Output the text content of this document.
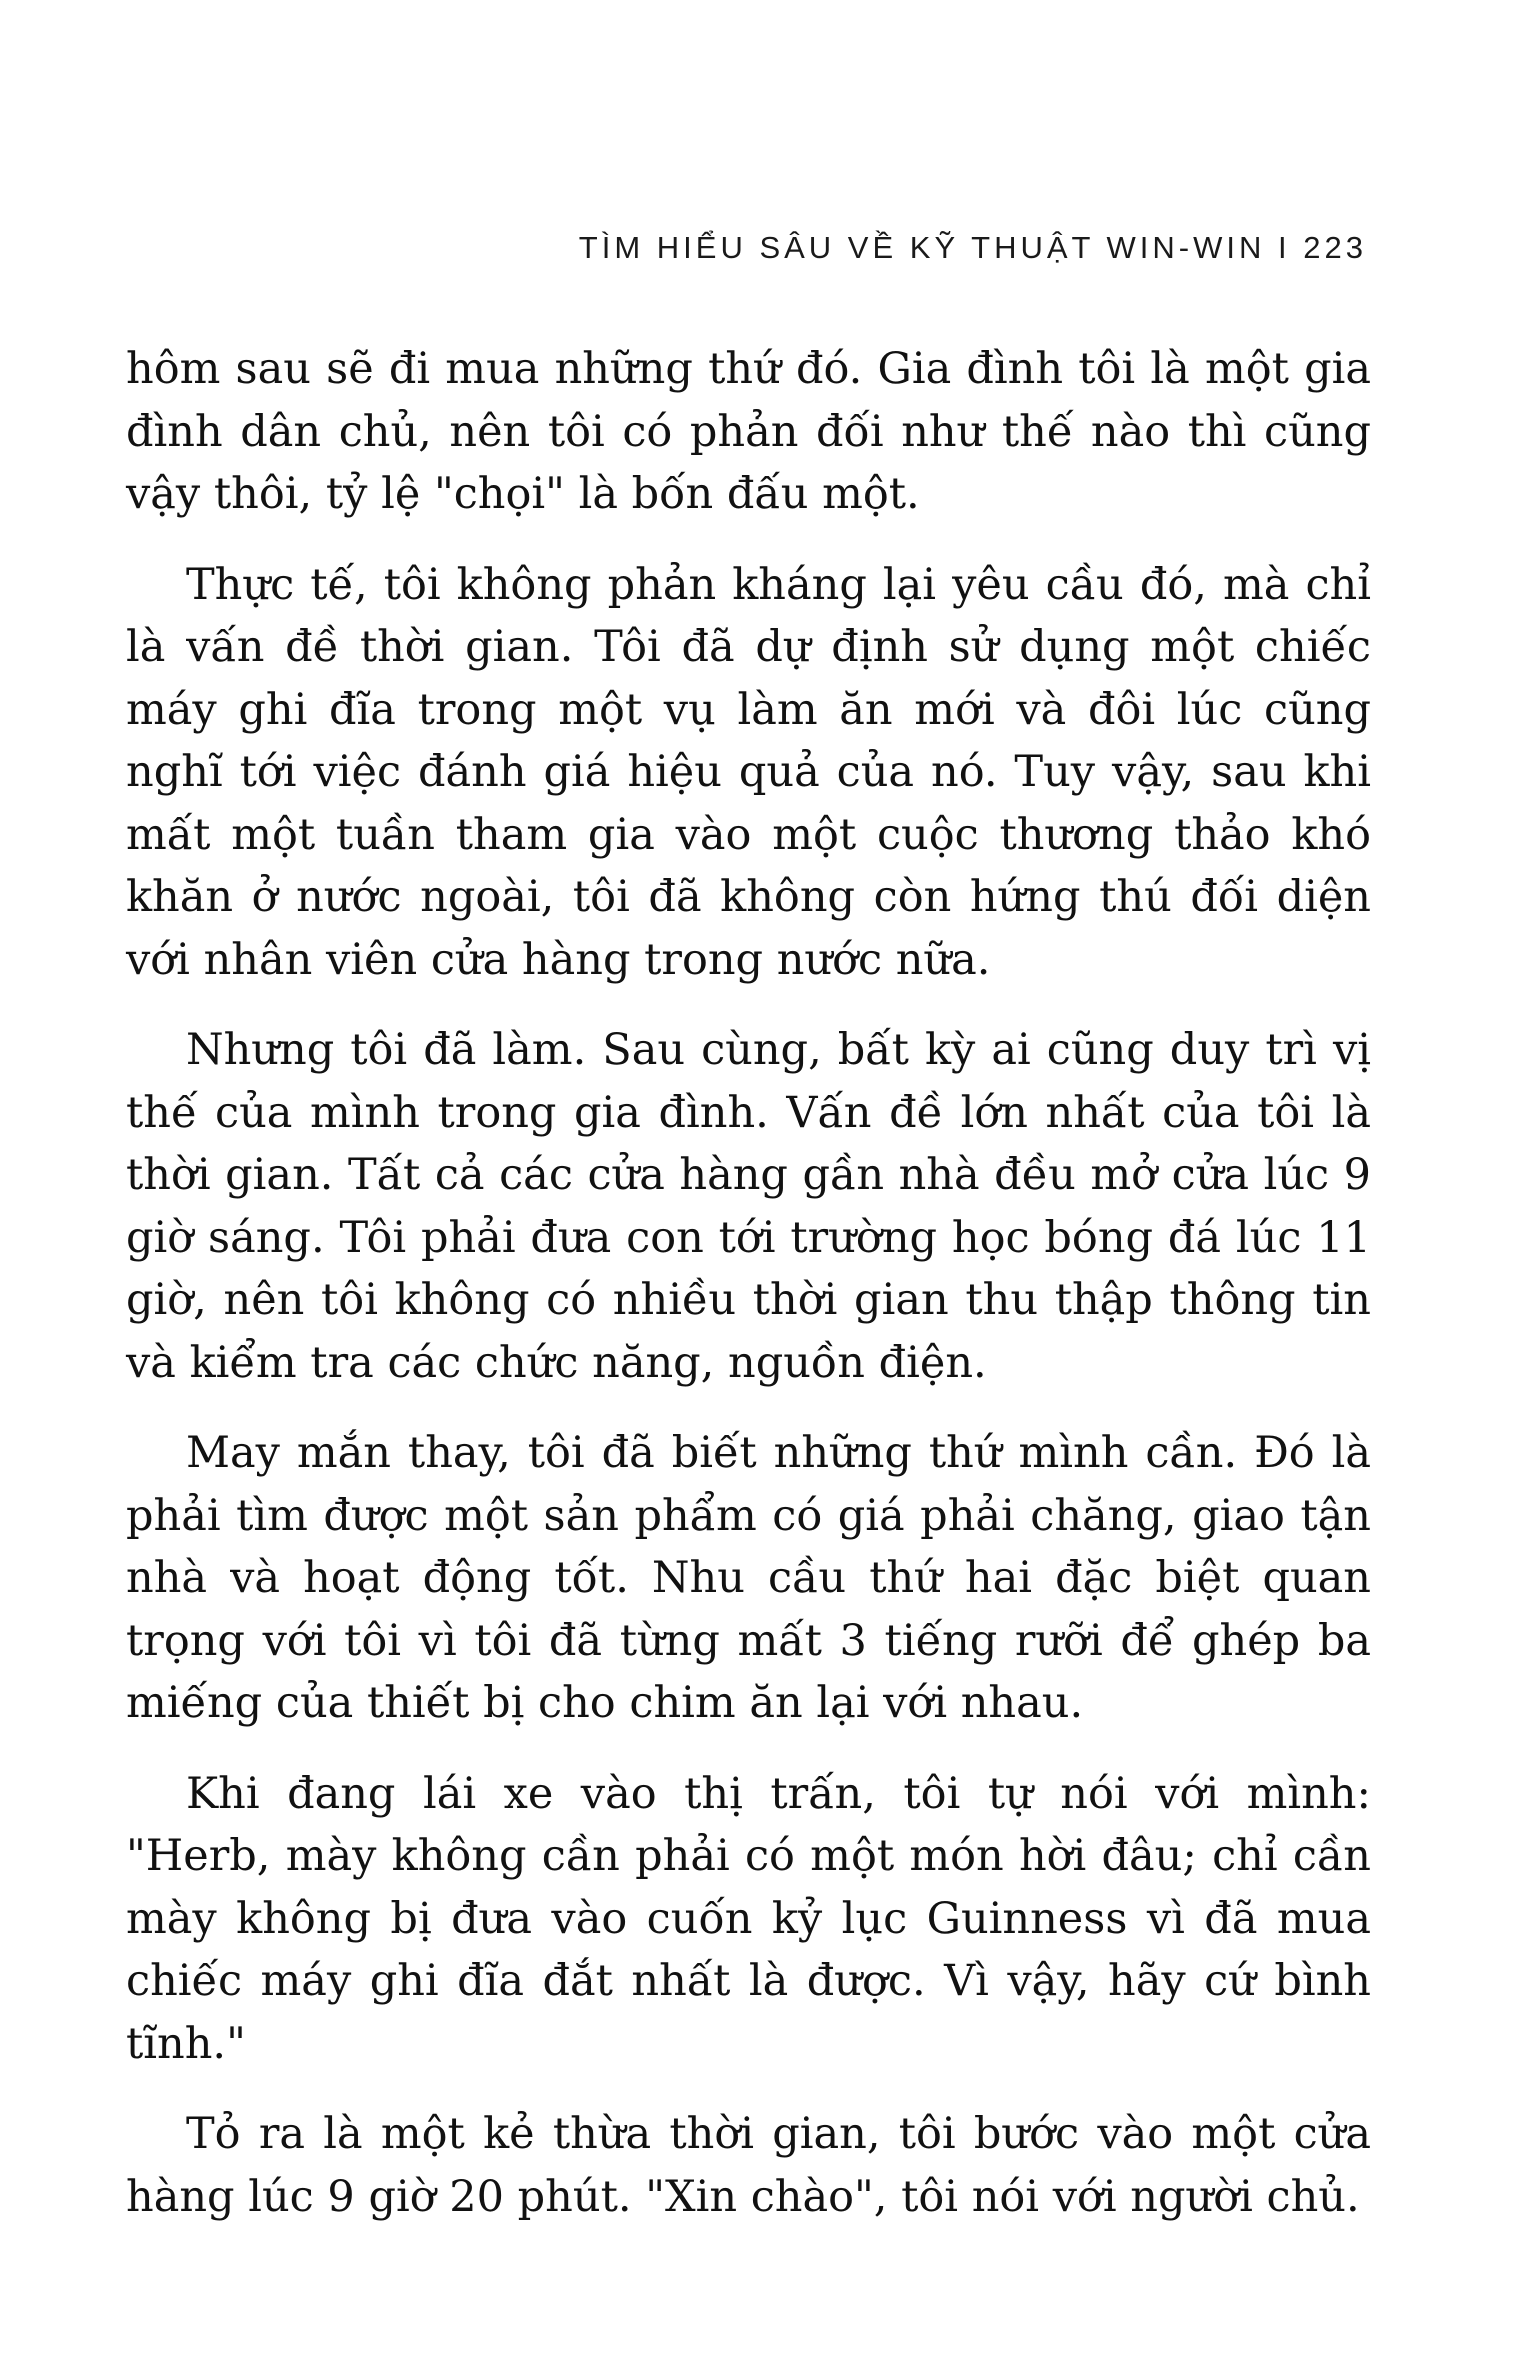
TÌM HIỂU SÂU VỀ KỸ THUẬT WIN-WIN I 223

hôm sau sẽ đi mua những thứ đó. Gia đình tôi là một gia đình dân chủ, nên tôi có phản đối như thế nào thì cũng vậy thôi, tỷ lệ "chọi" là bốn đấu một.

Thực tế, tôi không phản kháng lại yêu cầu đó, mà chỉ là vấn đề thời gian. Tôi đã dự định sử dụng một chiếc máy ghi đĩa trong một vụ làm ăn mới và đôi lúc cũng nghĩ tới việc đánh giá hiệu quả của nó. Tuy vậy, sau khi mất một tuần tham gia vào một cuộc thương thảo khó khăn ở nước ngoài, tôi đã không còn hứng thú đối diện với nhân viên cửa hàng trong nước nữa.

Nhưng tôi đã làm. Sau cùng, bất kỳ ai cũng duy trì vị thế của mình trong gia đình. Vấn đề lớn nhất của tôi là thời gian. Tất cả các cửa hàng gần nhà đều mở cửa lúc 9 giờ sáng. Tôi phải đưa con tới trường học bóng đá lúc 11 giờ, nên tôi không có nhiều thời gian thu thập thông tin và kiểm tra các chức năng, nguồn điện.

May mắn thay, tôi đã biết những thứ mình cần. Đó là phải tìm được một sản phẩm có giá phải chăng, giao tận nhà và hoạt động tốt. Nhu cầu thứ hai đặc biệt quan trọng với tôi vì tôi đã từng mất 3 tiếng rưỡi để ghép ba miếng của thiết bị cho chim ăn lại với nhau.

Khi đang lái xe vào thị trấn, tôi tự nói với mình: "Herb, mày không cần phải có một món hời đâu; chỉ cần mày không bị đưa vào cuốn kỷ lục Guinness vì đã mua chiếc máy ghi đĩa đắt nhất là được. Vì vậy, hãy cứ bình tĩnh."

Tỏ ra là một kẻ thừa thời gian, tôi bước vào một cửa hàng lúc 9 giờ 20 phút. "Xin chào", tôi nói với người chủ.
